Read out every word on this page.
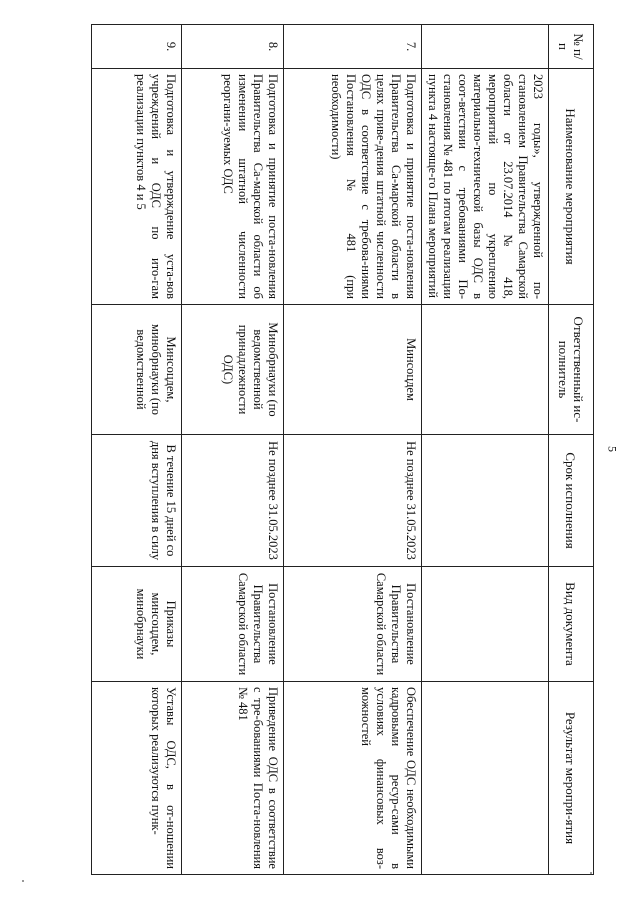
5
№ п/п	Наименование мероприятия	Ответственный ис-полнитель	Срок исполнения	Вид документа	Результат меропри-ятия
	2023 годы», утвержденной по-становлением Правительства Самарской области от 23.07.2014 № 418, мероприятий по укреплению материально-технической базы ОДС в соот-ветствии с требованиями По-становления № 481 по итогам реализации пункта 4 настояще-го Плана мероприятий				
7.	Подготовка и принятие поста-новления Правительства Са-марской области в целях приве-дения штатной численности ОДС в соответствие с требова-ниями Постановления № 481 (при необходимости)	Минсоцдем	Не позднее 31.05.2023	Постановление Правительства Самарской области	Обеспечение ОДС необходимыми кадровыми ресур-сами в условиях финансовых воз-можностей
8.	Подготовка и принятие поста-новления Правительства Са-марской области об изменении штатной численности реоргани-зуемых ОДС	Минобрнауки (по ведомственной принадлежности ОДС)	Не позднее 31.05.2023	Постановление Правительства Самарской области	Приведение ОДС в соответствие с тре-бованиями Поста-новления № 481
9.	Подготовка и утверждение уста-вов учреждений и ОДС по ито-гам реализации пунктов 4 и 5	Минсоцдем, минобрнауки (по ведомственной	В течение 15 дней со дня вступления в силу	Приказы минсоцдем, минобрнауки	Уставы ОДС, в от-ношении которых реализуются пунк-
